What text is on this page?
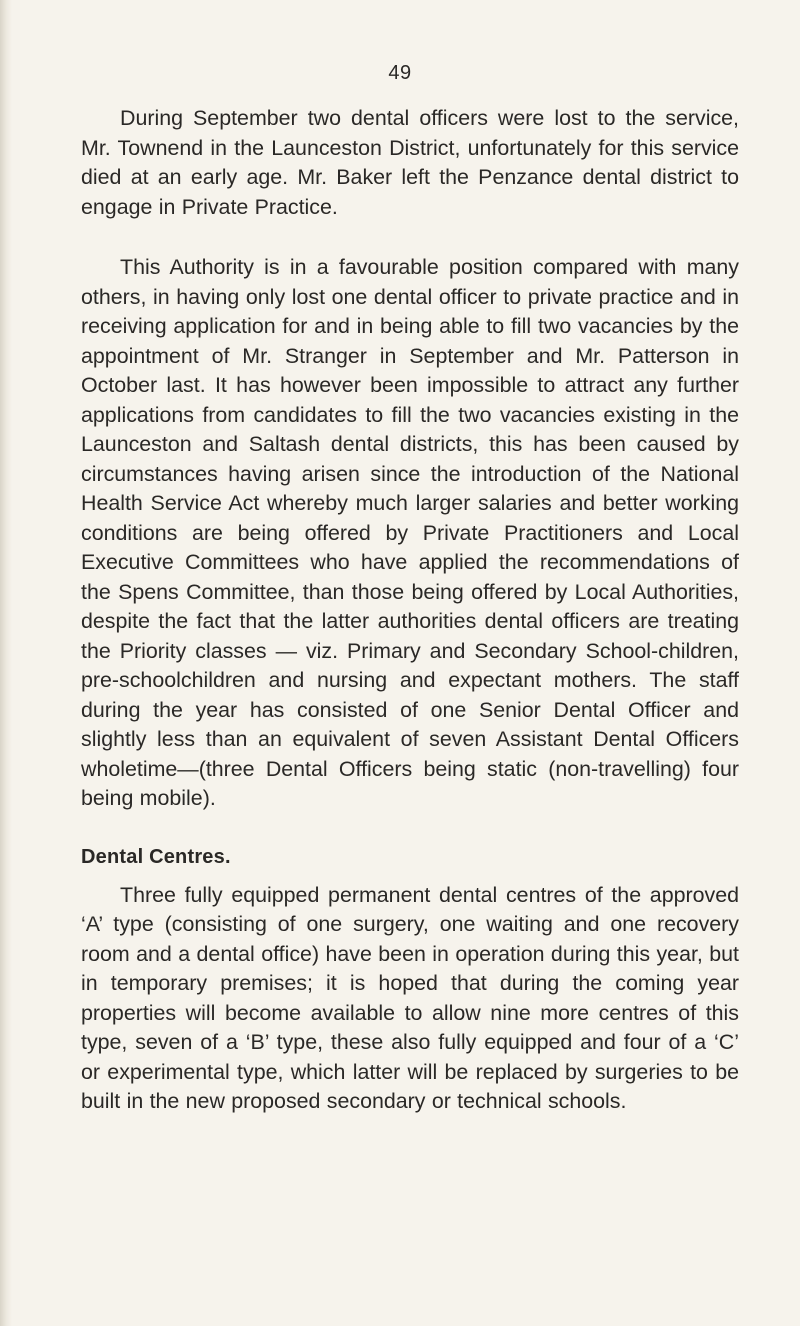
49

During September two dental officers were lost to the service, Mr. Townend in the Launceston District, unfortunately for this service died at an early age. Mr. Baker left the Penzance dental district to engage in Private Practice.

This Authority is in a favourable position compared with many others, in having only lost one dental officer to private practice and in receiving application for and in being able to fill two vacancies by the appointment of Mr. Stranger in September and Mr. Patterson in October last. It has however been impossible to attract any further applications from candidates to fill the two vacancies existing in the Launceston and Saltash dental districts, this has been caused by circumstances having arisen since the introduction of the National Health Service Act whereby much larger salaries and better working conditions are being offered by Private Practitioners and Local Executive Committees who have applied the recommendations of the Spens Committee, than those being offered by Local Authorities, despite the fact that the latter authorities dental officers are treating the Priority classes — viz. Primary and Secondary School-children, pre-schoolchildren and nursing and expectant mothers. The staff during the year has consisted of one Senior Dental Officer and slightly less than an equivalent of seven Assistant Dental Officers wholetime—(three Dental Officers being static (non-travelling) four being mobile).

Dental Centres.

Three fully equipped permanent dental centres of the approved ‘A’ type (consisting of one surgery, one waiting and one recovery room and a dental office) have been in operation during this year, but in temporary premises; it is hoped that during the coming year properties will become available to allow nine more centres of this type, seven of a ‘B’ type, these also fully equipped and four of a ‘C’ or experimental type, which latter will be replaced by surgeries to be built in the new proposed secondary or technical schools.
